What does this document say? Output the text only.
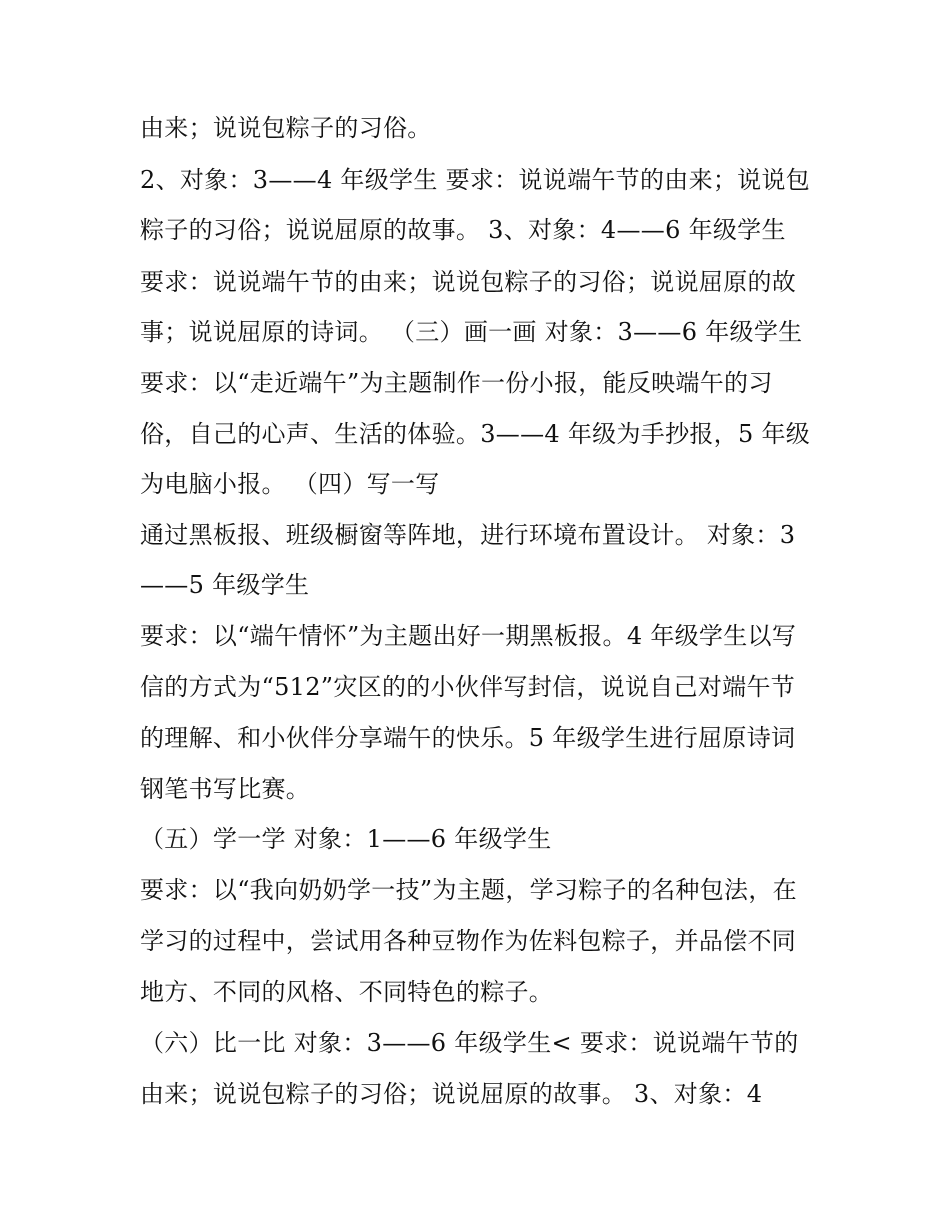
由来；说说包粽子的习俗。
2、对象：3——4 年级学生 要求：说说端午节的由来；说说包
粽子的习俗；说说屈原的故事。 3、对象：4——6 年级学生
要求：说说端午节的由来；说说包粽子的习俗；说说屈原的故
事；说说屈原的诗词。 （三）画一画 对象：3——6 年级学生
要求：以“走近端午”为主题制作一份小报，能反映端午的习
俗，自己的心声、生活的体验。3——4 年级为手抄报，5 年级
为电脑小报。 （四）写一写
通过黑板报、班级橱窗等阵地，进行环境布置设计。 对象：3
——5 年级学生
要求：以“端午情怀”为主题出好一期黑板报。4 年级学生以写
信的方式为“512”灾区的的小伙伴写封信，说说自己对端午节
的理解、和小伙伴分享端午的快乐。5 年级学生进行屈原诗词
钢笔书写比赛。
（五）学一学 对象：1——6 年级学生
要求：以“我向奶奶学一技”为主题，学习粽子的名种包法，在
学习的过程中，尝试用各种豆物作为佐料包粽子，并品偿不同
地方、不同的风格、不同特色的粽子。
（六）比一比 对象：3——6 年级学生< 要求：说说端午节的
由来；说说包粽子的习俗；说说屈原的故事。 3、对象：4
